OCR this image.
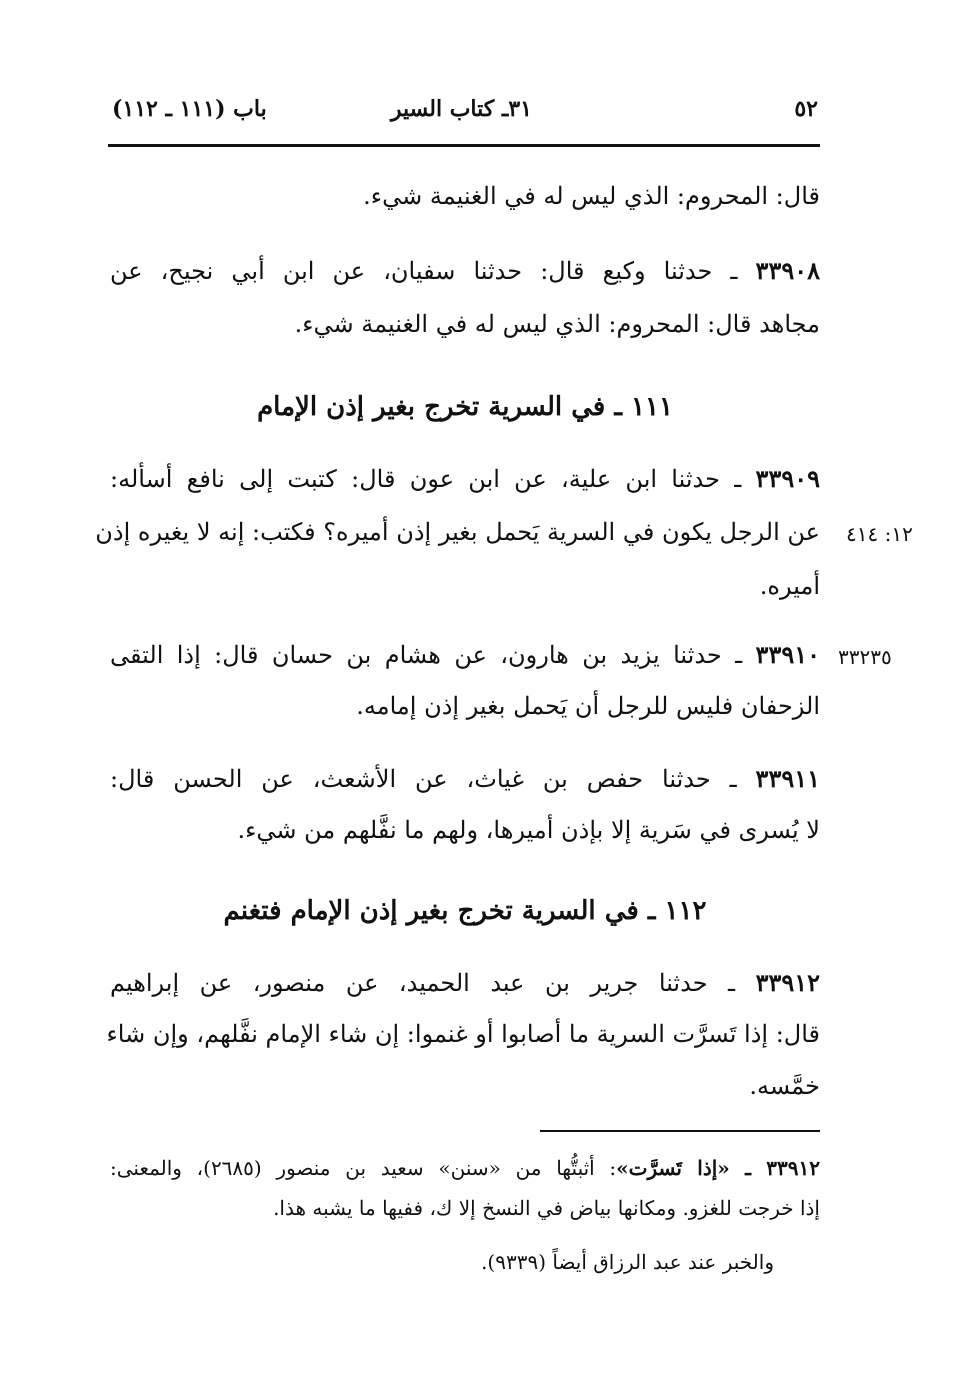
٥٢
٣١ـ كتاب السير
باب (١١١ ـ ١١٢)
قال: المحروم: الذي ليس له في الغنيمة شيء.
٣٣٩٠٨ ـ حدثنا وكيع قال: حدثنا سفيان، عن ابن أبي نجيح، عن
مجاهد قال: المحروم: الذي ليس له في الغنيمة شيء.
١١١ ـ في السرية تخرج بغير إذن الإمام
٣٣٩٠٩ ـ حدثنا ابن علية، عن ابن عون قال: كتبت إلى نافع أسأله:
عن الرجل يكون في السرية يَحمل بغير إذن أميره؟ فكتب: إنه لا يغيره إذن
أميره.
١٢: ٤١٤
٣٣٩١٠ ـ حدثنا يزيد بن هارون، عن هشام بن حسان قال: إذا التقى
الزحفان فليس للرجل أن يَحمل بغير إذن إمامه.
٣٣٢٣٥
٣٣٩١١ ـ حدثنا حفص بن غياث، عن الأشعث، عن الحسن قال:
لا يُسرى في سَرية إلا بإذن أميرها، ولهم ما نفَّلهم من شيء.
١١٢ ـ في السرية تخرج بغير إذن الإمام فتغنم
٣٣٩١٢ ـ حدثنا جرير بن عبد الحميد، عن منصور، عن إبراهيم
قال: إذا تَسرَّت السرية ما أصابوا أو غنموا: إن شاء الإمام نفَّلهم، وإن شاء
خمَّسه.
٣٣٩١٢ ـ «إذا تَسرَّت»: أثبتُّها من «سنن» سعيد بن منصور (٢٦٨٥)، والمعنى:
إذا خرجت للغزو. ومكانها بياض في النسخ إلا ك، ففيها ما يشبه هذا.
والخبر عند عبد الرزاق أيضاً (٩٣٣٩).
